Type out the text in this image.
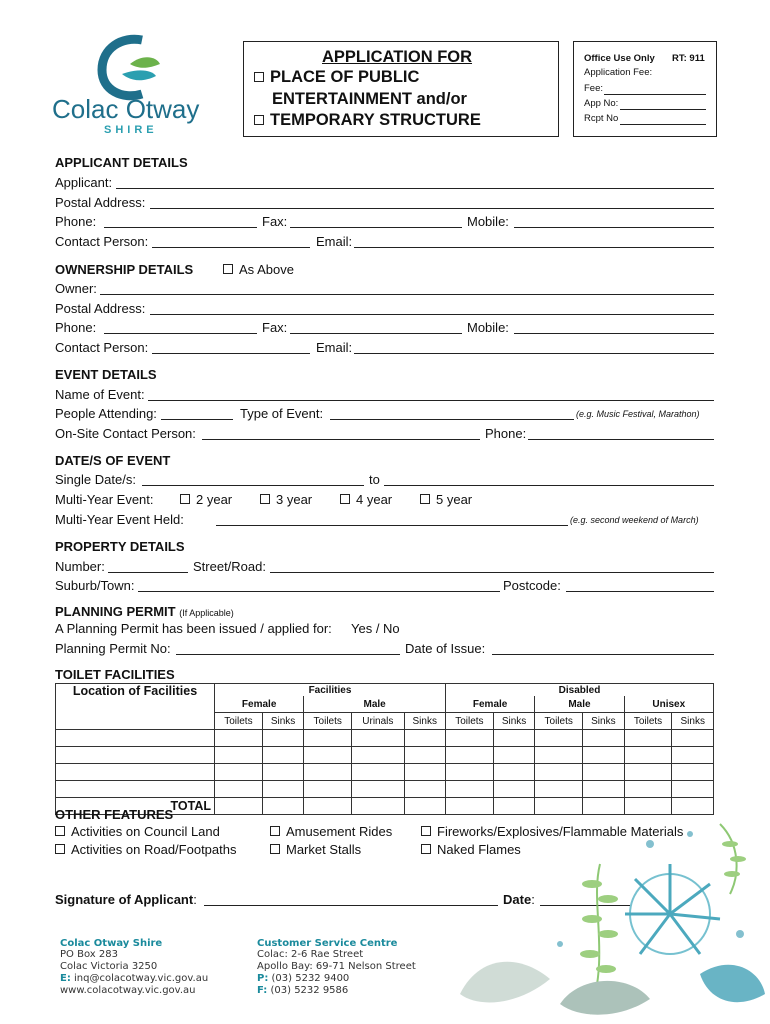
Colac Otway
SHIRE
APPLICATION FOR
PLACE OF PUBLIC
ENTERTAINMENT and/or
TEMPORARY STRUCTURE
Office Use Only RT: 911
Application Fee:
Fee:
App No:
Rcpt No
APPLICANT DETAILS
Applicant:
Postal Address:
Phone:	Fax:	Mobile:
Contact Person:	Email:
OWNERSHIP DETAILS	As Above
Owner:
Postal Address:
Phone:	Fax:	Mobile:
Contact Person:	Email:
EVENT DETAILS
Name of Event:
People Attending:	Type of Event:	(e.g. Music Festival, Marathon)
On-Site Contact Person:	Phone:
DATE/S OF EVENT
Single Date/s:	to
Multi-Year Event:	2 year	3 year	4 year	5 year
Multi-Year Event Held:	(e.g. second weekend of March)
PROPERTY DETAILS
Number:	Street/Road:
Suburb/Town:	Postcode:
PLANNING PERMIT (If Applicable)
A Planning Permit has been issued / applied for: Yes / No
Planning Permit No:	Date of Issue:
TOILET FACILITIES
Location of Facilities	Facilities					Disabled					
	Female		Male			Female		Male		Unisex	
	Toilets	Sinks	Toilets	Urinals	Sinks	Toilets	Sinks	Toilets	Sinks	Toilets	Sinks

TOTAL											
OTHER FEATURES
Activities on Council Land
Activities on Road/Footpaths
Amusement Rides
Market Stalls
Fireworks/Explosives/Flammable Materials
Naked Flames
Signature of Applicant:	Date:
Colac Otway Shire
PO Box 283
Colac Victoria 3250
E: inq@colacotway.vic.gov.au
www.colacotway.vic.gov.au
Customer Service Centre
Colac: 2-6 Rae Street
Apollo Bay: 69-71 Nelson Street
P: (03) 5232 9400
F: (03) 5232 9586
